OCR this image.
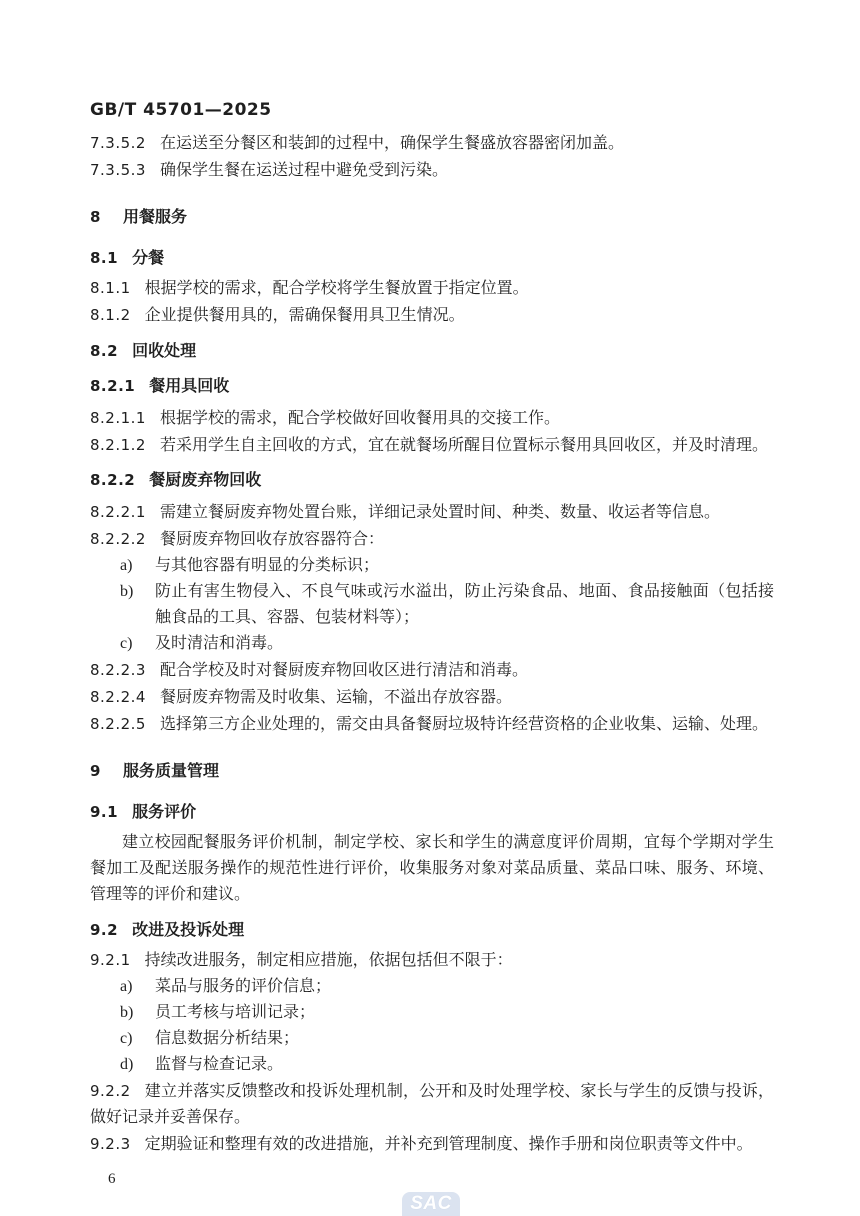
GB/T 45701—2025

7.3.5.2 在运送至分餐区和装卸的过程中，确保学生餐盛放容器密闭加盖。

7.3.5.3 确保学生餐在运送过程中避免受到污染。

8 用餐服务
8.1 分餐

8.1.1 根据学校的需求，配合学校将学生餐放置于指定位置。

8.1.2 企业提供餐用具的，需确保餐用具卫生情况。

8.2 回收处理
8.2.1 餐用具回收

8.2.1.1 根据学校的需求，配合学校做好回收餐用具的交接工作。

8.2.1.2 若采用学生自主回收的方式，宜在就餐场所醒目位置标示餐用具回收区，并及时清理。

8.2.2 餐厨废弃物回收

8.2.2.1 需建立餐厨废弃物处置台账，详细记录处置时间、种类、数量、收运者等信息。

8.2.2.2 餐厨废弃物回收存放容器符合：

a)	与其他容器有明显的分类标识；
b)	防止有害生物侵入、不良气味或污水溢出，防止污染食品、地面、食品接触面（包括接触食品的工具、容器、包装材料等）；
c)	及时清洁和消毒。

8.2.2.3 配合学校及时对餐厨废弃物回收区进行清洁和消毒。

8.2.2.4 餐厨废弃物需及时收集、运输，不溢出存放容器。

8.2.2.5 选择第三方企业处理的，需交由具备餐厨垃圾特许经营资格的企业收集、运输、处理。

9 服务质量管理
9.1 服务评价

建立校园配餐服务评价机制，制定学校、家长和学生的满意度评价周期，宜每个学期对学生餐加工及配送服务操作的规范性进行评价，收集服务对象对菜品质量、菜品口味、服务、环境、管理等的评价和建议。

9.2 改进及投诉处理

9.2.1 持续改进服务，制定相应措施，依据包括但不限于：

a)	菜品与服务的评价信息；
b)	员工考核与培训记录；
c)	信息数据分析结果；
d)	监督与检查记录。

9.2.2 建立并落实反馈整改和投诉处理机制，公开和及时处理学校、家长与学生的反馈与投诉，做好记录并妥善保存。

9.2.3 定期验证和整理有效的改进措施，并补充到管理制度、操作手册和岗位职责等文件中。

6
SAC
